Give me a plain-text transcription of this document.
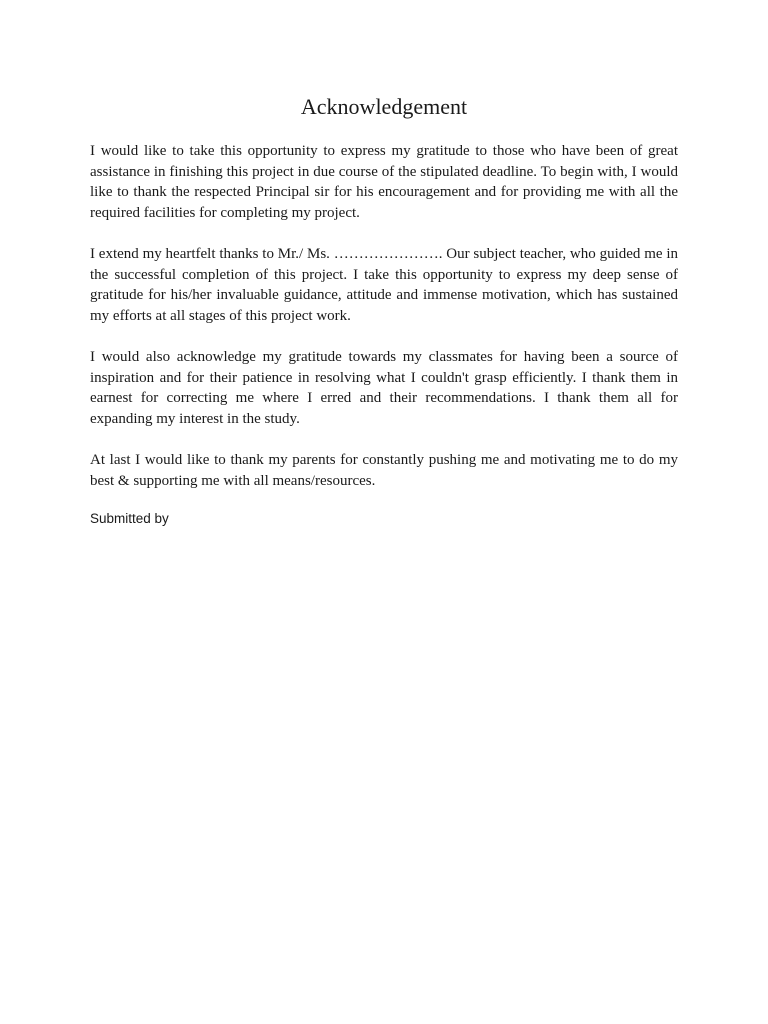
Acknowledgement

I would like to take this opportunity to express my gratitude to those who have been of great assistance in finishing this project in due course of the stipulated deadline. To begin with, I would like to thank the respected Principal sir for his encouragement and for providing me with all the required facilities for completing my project.

I extend my heartfelt thanks to Mr./ Ms. …………………. Our subject teacher, who guided me in the successful completion of this project. I take this opportunity to express my deep sense of gratitude for his/her invaluable guidance, attitude and immense motivation, which has sustained my efforts at all stages of this project work.

I would also acknowledge my gratitude towards my classmates for having been a source of inspiration and for their patience in resolving what I couldn't grasp efficiently. I thank them in earnest for correcting me where I erred and their recommendations. I thank them all for expanding my interest in the study.

At last I would like to thank my parents for constantly pushing me and motivating me to do my best & supporting me with all means/resources.

Submitted by
